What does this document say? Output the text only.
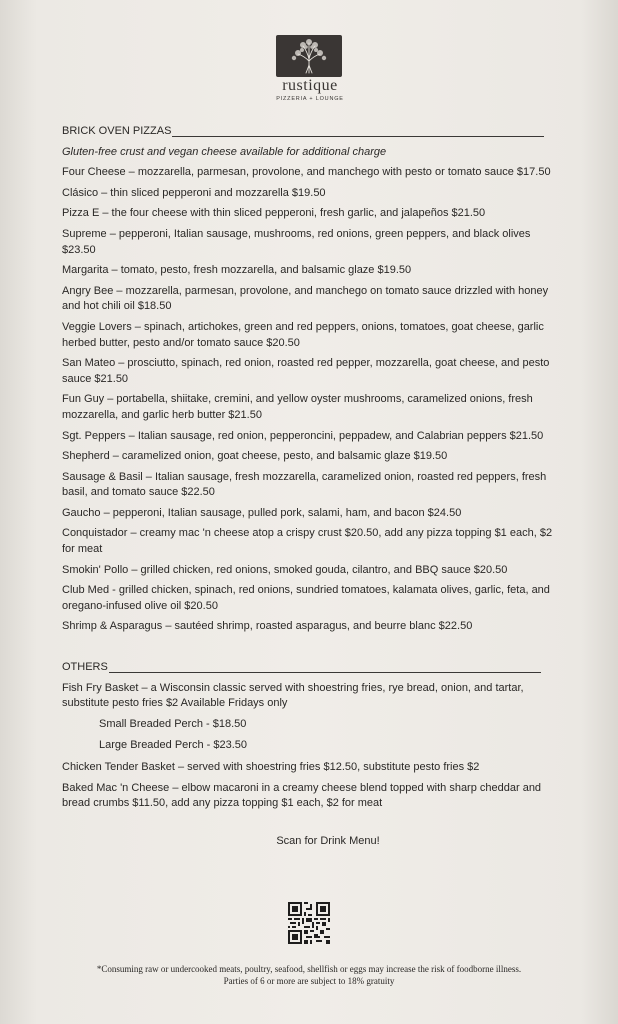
rustique
PIZZERIA + LOUNGE
BRICK OVEN PIZZAS
Gluten-free crust and vegan cheese available for additional charge
Four Cheese – mozzarella, parmesan, provolone, and manchego with pesto or tomato sauce $17.50
Clásico – thin sliced pepperoni and mozzarella $19.50
Pizza E – the four cheese with thin sliced pepperoni, fresh garlic, and jalapeños $21.50
Supreme – pepperoni, Italian sausage, mushrooms, red onions, green peppers, and black olives $23.50
Margarita – tomato, pesto, fresh mozzarella, and balsamic glaze $19.50
Angry Bee – mozzarella, parmesan, provolone, and manchego on tomato sauce drizzled with honey and hot chili oil $18.50
Veggie Lovers – spinach, artichokes, green and red peppers, onions, tomatoes, goat cheese, garlic herbed butter, pesto and/or tomato sauce $20.50
San Mateo – prosciutto, spinach, red onion, roasted red pepper, mozzarella, goat cheese, and pesto sauce $21.50
Fun Guy – portabella, shiitake, cremini, and yellow oyster mushrooms, caramelized onions, fresh mozzarella, and garlic herb butter $21.50
Sgt. Peppers – Italian sausage, red onion, pepperoncini, peppadew, and Calabrian peppers $21.50
Shepherd – caramelized onion, goat cheese, pesto, and balsamic glaze $19.50
Sausage & Basil – Italian sausage, fresh mozzarella, caramelized onion, roasted red peppers, fresh basil, and tomato sauce $22.50
Gaucho – pepperoni, Italian sausage, pulled pork, salami, ham, and bacon $24.50
Conquistador – creamy mac 'n cheese atop a crispy crust $20.50, add any pizza topping $1 each, $2 for meat
Smokin' Pollo – grilled chicken, red onions, smoked gouda, cilantro, and BBQ sauce $20.50
Club Med - grilled chicken, spinach, red onions, sundried tomatoes, kalamata olives, garlic, feta, and oregano-infused olive oil $20.50
Shrimp & Asparagus – sautéed shrimp, roasted asparagus, and beurre blanc $22.50
OTHERS
Fish Fry Basket – a Wisconsin classic served with shoestring fries, rye bread, onion, and tartar, substitute pesto fries $2 Available Fridays only
Small Breaded Perch - $18.50
Large Breaded Perch - $23.50
Chicken Tender Basket – served with shoestring fries $12.50, substitute pesto fries $2
Baked Mac 'n Cheese – elbow macaroni in a creamy cheese blend topped with sharp cheddar and bread crumbs $11.50, add any pizza topping $1 each, $2 for meat
Scan for Drink Menu!
*Consuming raw or undercooked meats, poultry, seafood, shellfish or eggs may increase the risk of foodborne illness.
Parties of 6 or more are subject to 18% gratuity
